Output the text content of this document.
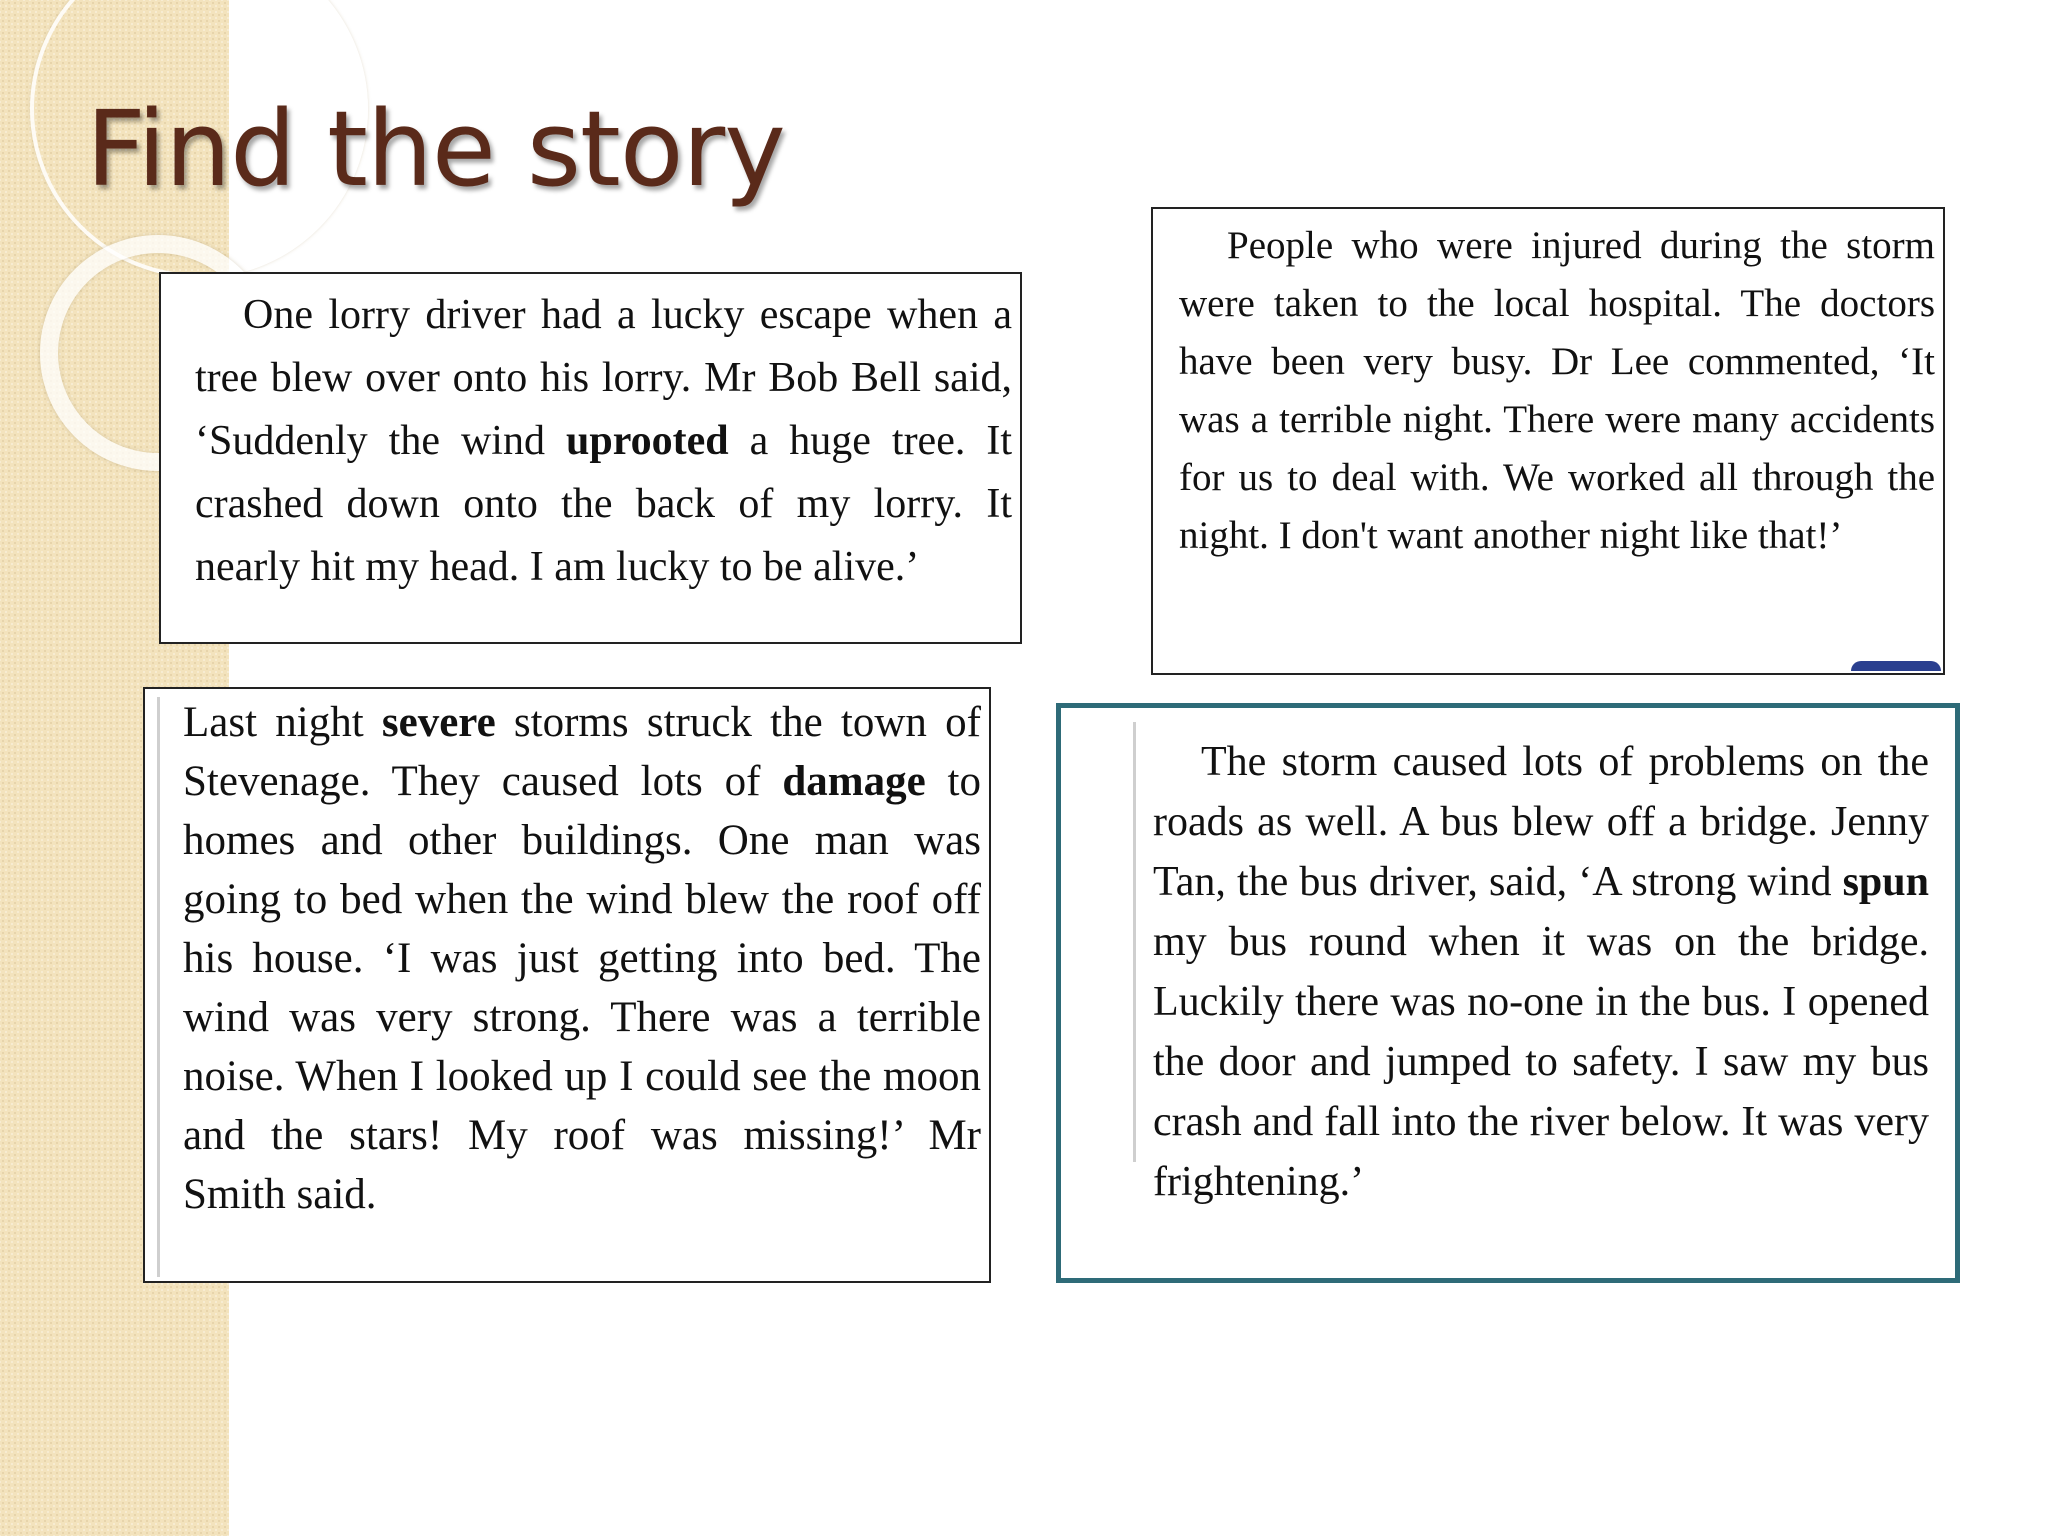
Find the story

One lorry driver had a lucky escape when a tree blew over onto his lorry. Mr Bob Bell said, ‘Suddenly the wind uprooted a huge tree. It crashed down onto the back of my lorry. It nearly hit my head. I am lucky to be alive.’

People who were injured during the storm were taken to the local hospital. The doctors have been very busy. Dr Lee commented, ‘It was a terrible night. There were many accidents for us to deal with. We worked all through the night. I don't want another night like that!’

Last night severe storms struck the town of Stevenage. They caused lots of damage to homes and other buildings. One man was going to bed when the wind blew the roof off his house. ‘I was just getting into bed. The wind was very strong. There was a terrible noise. When I looked up I could see the moon and the stars! My roof was missing!’ Mr Smith said.

The storm caused lots of problems on the roads as well. A bus blew off a bridge. Jenny Tan, the bus driver, said, ‘A strong wind spun my bus round when it was on the bridge. Luckily there was no-one in the bus. I opened the door and jumped to safety. I saw my bus crash and fall into the river below. It was very frightening.’
